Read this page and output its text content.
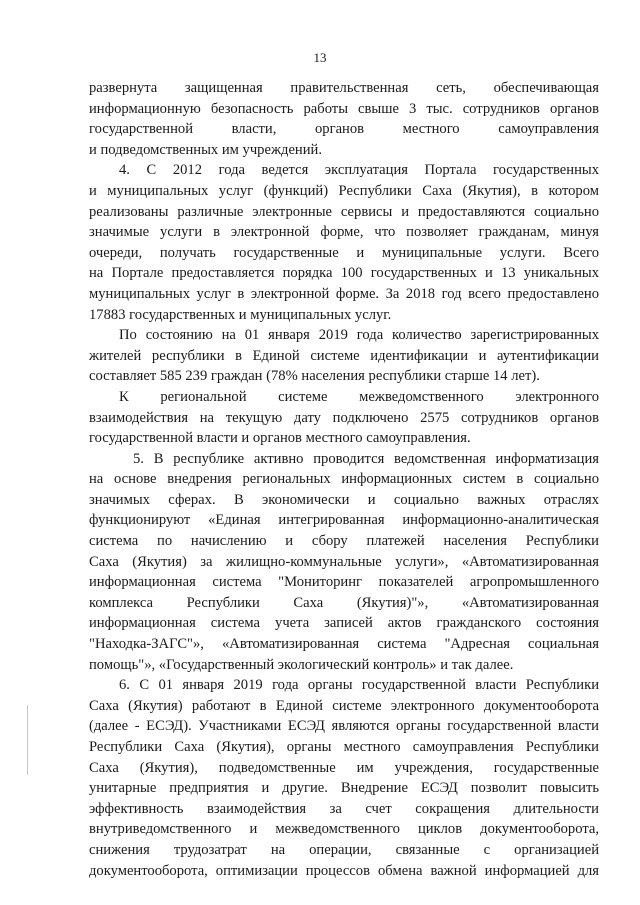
13
развернута защищенная правительственная сеть, обеспечивающая
информационную безопасность работы свыше 3 тыс. сотрудников органов
государственной власти, органов местного самоуправления
и подведомственных им учреждений.
4. С 2012 года ведется эксплуатация Портала государственных
и муниципальных услуг (функций) Республики Саха (Якутия), в котором
реализованы различные электронные сервисы и предоставляются социально
значимые услуги в электронной форме, что позволяет гражданам, минуя
очереди, получать государственные и муниципальные услуги. Всего
на Портале предоставляется порядка 100 государственных и 13 уникальных
муниципальных услуг в электронной форме. За 2018 год всего предоставлено
17883 государственных и муниципальных услуг.
По состоянию на 01 января 2019 года количество зарегистрированных
жителей республики в Единой системе идентификации и аутентификации
составляет 585 239 граждан (78% населения республики старше 14 лет).
К региональной системе межведомственного электронного
взаимодействия на текущую дату подключено 2575 сотрудников органов
государственной власти и органов местного самоуправления.
5. В республике активно проводится ведомственная информатизация
на основе внедрения региональных информационных систем в социально
значимых сферах. В экономически и социально важных отраслях
функционируют «Единая интегрированная информационно-аналитическая
система по начислению и сбору платежей населения Республики
Саха (Якутия) за жилищно-коммунальные услуги», «Автоматизированная
информационная система "Мониторинг показателей агропромышленного
комплекса Республики Саха (Якутия)"», «Автоматизированная
информационная система учета записей актов гражданского состояния
"Находка-ЗАГС"», «Автоматизированная система "Адресная социальная
помощь"», «Государственный экологический контроль» и так далее.
6. С 01 января 2019 года органы государственной власти Республики
Саха (Якутия) работают в Единой системе электронного документооборота
(далее - ЕСЭД). Участниками ЕСЭД являются органы государственной власти
Республики Саха (Якутия), органы местного самоуправления Республики
Саха (Якутия), подведомственные им учреждения, государственные
унитарные предприятия и другие. Внедрение ЕСЭД позволит повысить
эффективность взаимодействия за счет сокращения длительности
внутриведомственного и межведомственного циклов документооборота,
снижения трудозатрат на операции, связанные с организацией
документооборота, оптимизации процессов обмена важной информацией для
